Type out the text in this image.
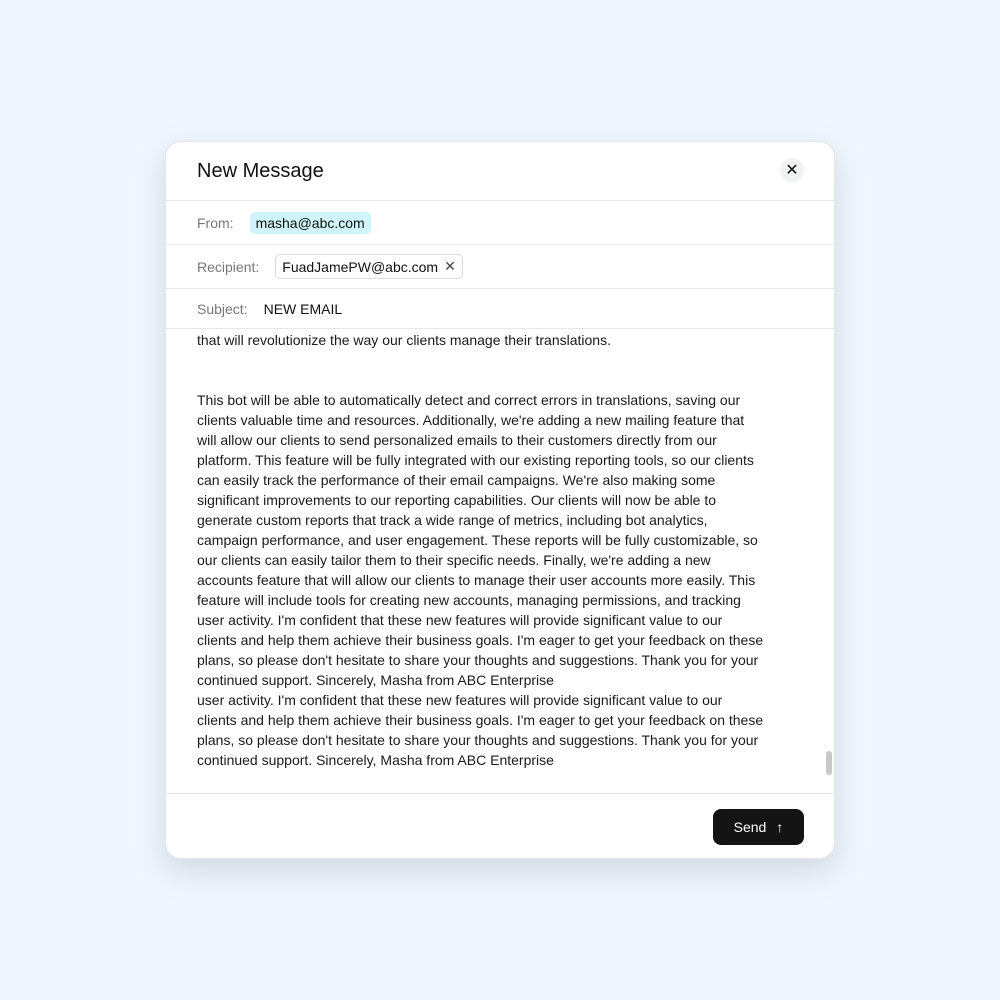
New Message	✕
From:	masha@abc.com
Recipient: FuadJamePW@abc.com ✕
Subject: NEW EMAIL
that will revolutionize the way our clients manage their translations.
This bot will be able to automatically detect and correct errors in translations, saving our
clients valuable time and resources. Additionally, we're adding a new mailing feature that
will allow our clients to send personalized emails to their customers directly from our
platform. This feature will be fully integrated with our existing reporting tools, so our clients
can easily track the performance of their email campaigns. We're also making some
significant improvements to our reporting capabilities. Our clients will now be able to
generate custom reports that track a wide range of metrics, including bot analytics,
campaign performance, and user engagement. These reports will be fully customizable, so
our clients can easily tailor them to their specific needs. Finally, we're adding a new
accounts feature that will allow our clients to manage their user accounts more easily. This
feature will include tools for creating new accounts, managing permissions, and tracking
user activity. I'm confident that these new features will provide significant value to our
clients and help them achieve their business goals. I'm eager to get your feedback on these
plans, so please don't hesitate to share your thoughts and suggestions. Thank you for your
continued support. Sincerely, Masha from ABC Enterprise
user activity. I'm confident that these new features will provide significant value to our
clients and help them achieve their business goals. I'm eager to get your feedback on these
plans, so please don't hesitate to share your thoughts and suggestions. Thank you for your
continued support. Sincerely, Masha from ABC Enterprise
Send ↑
